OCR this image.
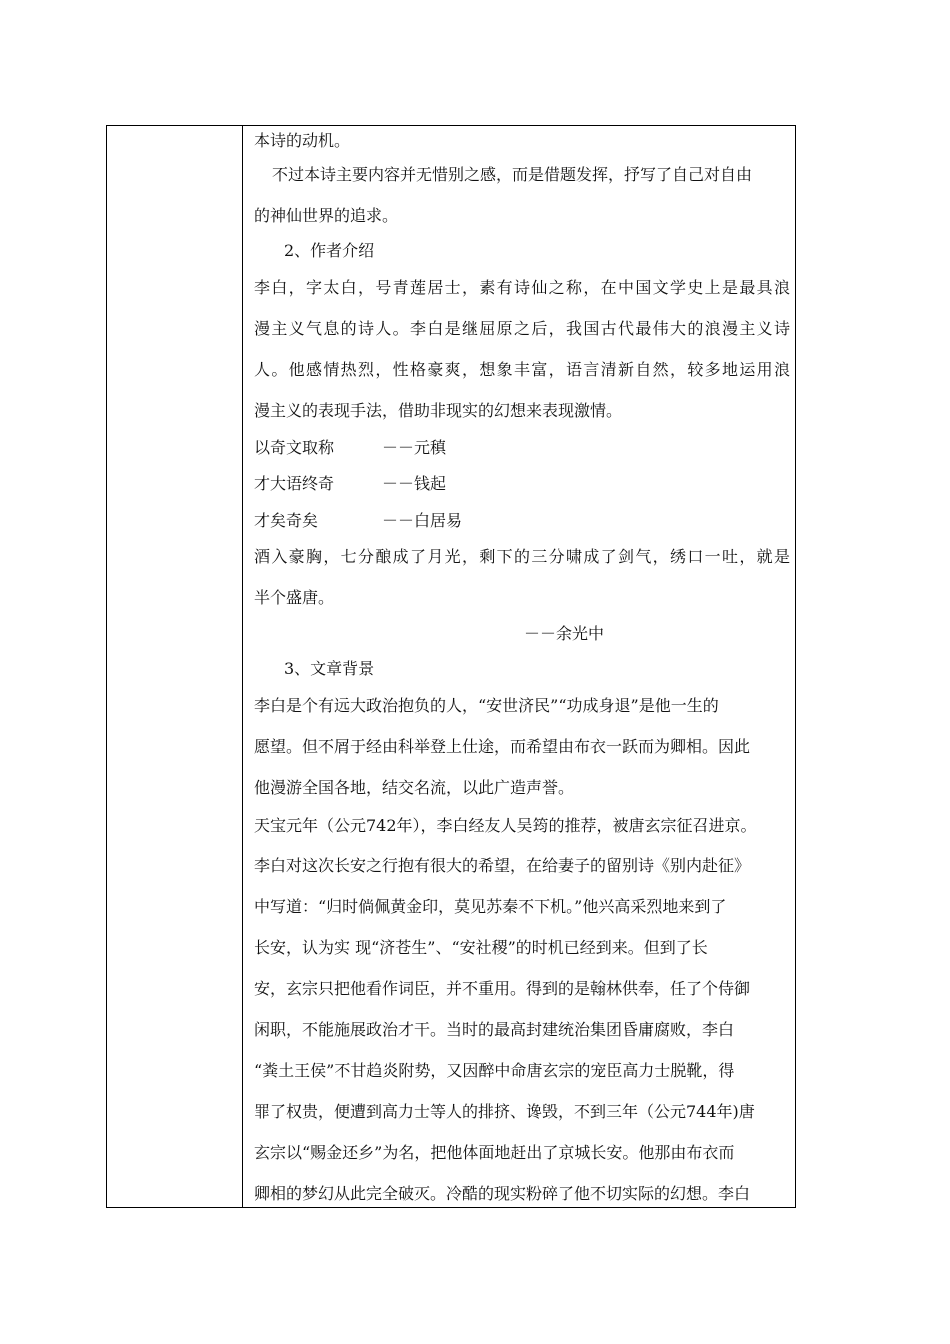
本诗的动机。
不过本诗主要内容并无惜别之感，而是借题发挥，抒写了自己对自由
的神仙世界的追求。
2、作者介绍
李白，字太白，号青莲居士，素有诗仙之称，在中国文学史上是最具浪
漫主义气息的诗人。李白是继屈原之后，我国古代最伟大的浪漫主义诗
人。他感情热烈，性格豪爽，想象丰富，语言清新自然，较多地运用浪
漫主义的表现手法，借助非现实的幻想来表现激情。
以奇文取称　　　－－元稹
才大语终奇　　　－－钱起
才矣奇矣　　　　－－白居易
酒入豪胸，七分酿成了月光，剩下的三分啸成了剑气，绣口一吐，就是
半个盛唐。
－－余光中
3、文章背景
李白是个有远大政治抱负的人，“安世济民”“功成身退”是他一生的
愿望。但不屑于经由科举登上仕途，而希望由布衣一跃而为卿相。因此
他漫游全国各地，结交名流，以此广造声誉。
天宝元年（公元742年），李白经友人吴筠的推荐，被唐玄宗征召进京。
李白对这次长安之行抱有很大的希望，在给妻子的留别诗《别内赴征》
中写道：“归时倘佩黄金印，莫见苏秦不下机。”他兴高采烈地来到了
长安，认为实 现“济苍生”、“安社稷”的时机已经到来。但到了长
安，玄宗只把他看作词臣，并不重用。得到的是翰林供奉，任了个侍御
闲职，不能施展政治才干。当时的最高封建统治集团昏庸腐败，李白
“粪土王侯”不甘趋炎附势，又因醉中命唐玄宗的宠臣高力士脱靴，得
罪了权贵，便遭到高力士等人的排挤、谗毁，不到三年（公元744年)唐
玄宗以“赐金还乡”为名，把他体面地赶出了京城长安。他那由布衣而
卿相的梦幻从此完全破灭。冷酷的现实粉碎了他不切实际的幻想。李白
